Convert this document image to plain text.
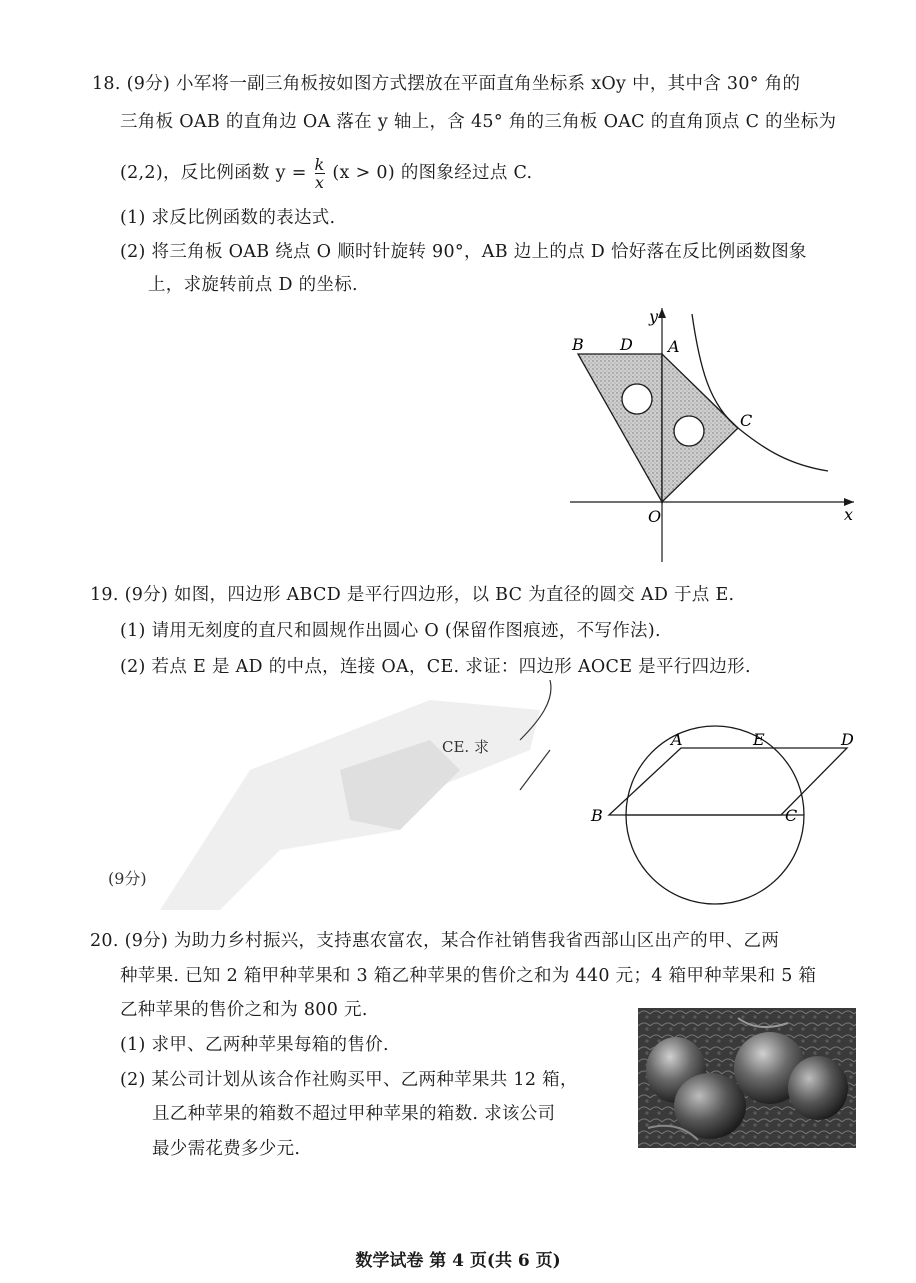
18. (9分) 小军将一副三角板按如图方式摆放在平面直角坐标系 xOy 中，其中含 30° 角的
三角板 OAB 的直角边 OA 落在 y 轴上，含 45° 角的三角板 OAC 的直角顶点 C 的坐标为
(2,2)，反比例函数 $y = \frac{k}{x} (x > 0)$ 的图象经过点 C.
(1) 求反比例函数的表达式.
(2) 将三角板 OAB 绕点 O 顺时针旋转 90°，AB 边上的点 D 恰好落在反比例函数图象
上，求旋转前点 D 的坐标.
B D A
C
O	x
y
19. (9分) 如图，四边形 ABCD 是平行四边形，以 BC 为直径的圆交 AD 于点 E.
(1) 请用无刻度的直尺和圆规作出圆心 O (保留作图痕迹，不写作法).
(2) 若点 E 是 AD 的中点，连接 OA，CE. 求证：四边形 AOCE 是平行四边形.
CE. 求
(9分)
A	E	D
B	C
20. (9分) 为助力乡村振兴，支持惠农富农，某合作社销售我省西部山区出产的甲、乙两
种苹果. 已知 2 箱甲种苹果和 3 箱乙种苹果的售价之和为 440 元；4 箱甲种苹果和 5 箱
乙种苹果的售价之和为 800 元.
(1) 求甲、乙两种苹果每箱的售价.
(2) 某公司计划从该合作社购买甲、乙两种苹果共 12 箱，
且乙种苹果的箱数不超过甲种苹果的箱数. 求该公司
最少需花费多少元.
数学试卷 第 4 页(共 6 页)
